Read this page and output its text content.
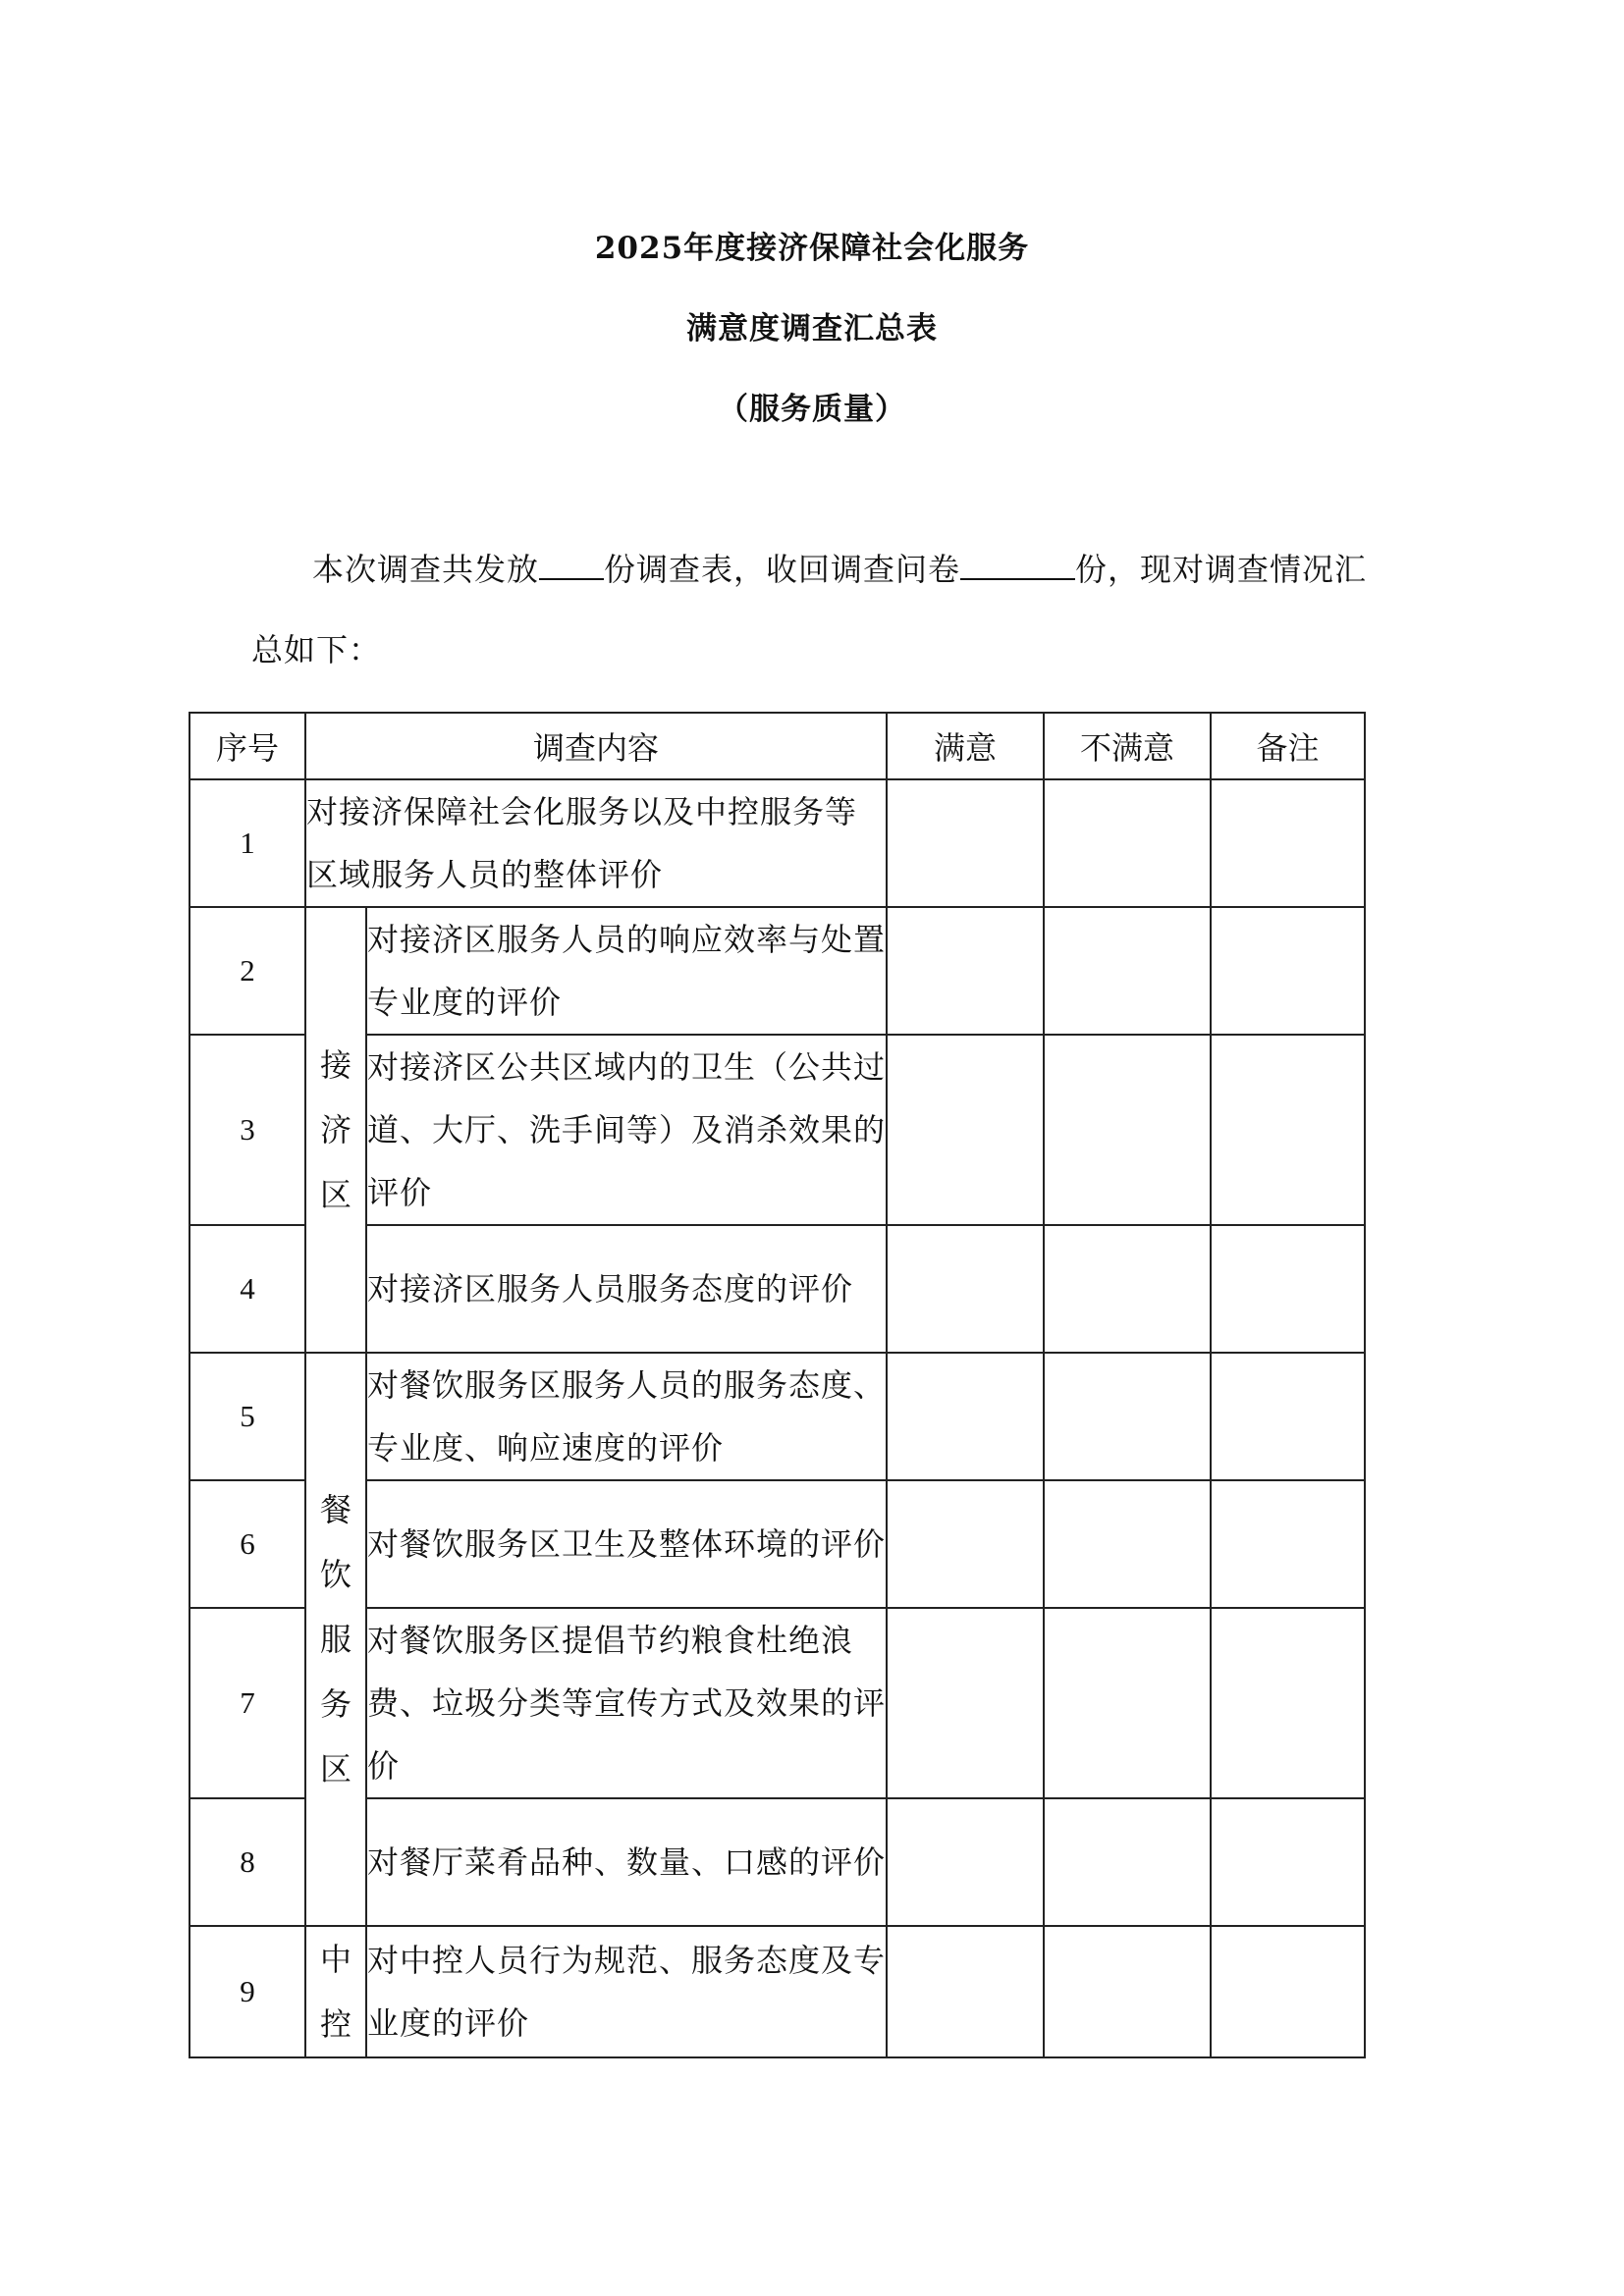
2025年度接济保障社会化服务
满意度调查汇总表
（服务质量）
本次调查共发放 份调查表，收回调查问卷	份，现对调查情况汇
总如下：
序号	调查内容		满意	不满意	备注
1	对接济保障社会化服务以及中控服务等区域服务人员的整体评价				
2	接济区	对接济区服务人员的响应效率与处置专业度的评价			
3		对接济区公共区域内的卫生（公共过道、大厅、洗手间等）及消杀效果的评价			
4		对接济区服务人员服务态度的评价			
5	餐饮服务区	对餐饮服务区服务人员的服务态度、专业度、响应速度的评价			
6		对餐饮服务区卫生及整体环境的评价			
7		对餐饮服务区提倡节约粮食杜绝浪费、垃圾分类等宣传方式及效果的评价			
8		对餐厅菜肴品种、数量、口感的评价			
9	中控	对中控人员行为规范、服务态度及专业度的评价			
